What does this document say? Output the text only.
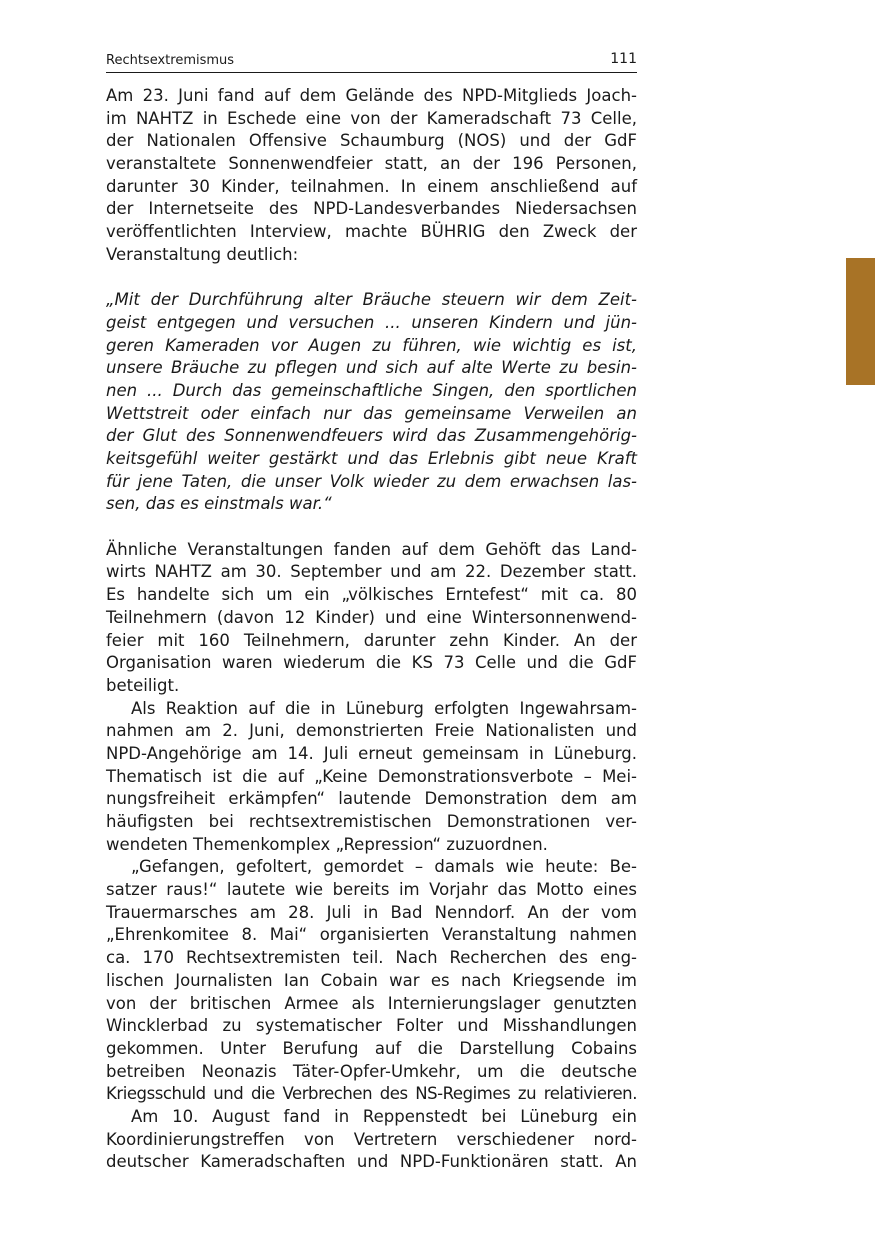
Rechtsextremismus	111
Am 23. Juni fand auf dem Gelände des NPD-Mitglieds Joach-
im NAHTZ in Eschede eine von der Kameradschaft 73 Celle,
der Nationalen Offensive Schaumburg (NOS) und der GdF
veranstaltete Sonnenwendfeier statt, an der 196 Personen,
darunter 30 Kinder, teilnahmen. In einem anschließend auf
der Internetseite des NPD-Landesverbandes Niedersachsen
veröffentlichten Interview, machte BÜHRIG den Zweck der
Veranstaltung deutlich:
„Mit der Durchführung alter Bräuche steuern wir dem Zeit-
geist entgegen und versuchen ... unseren Kindern und jün-
geren Kameraden vor Augen zu führen, wie wichtig es ist,
unsere Bräuche zu pflegen und sich auf alte Werte zu besin-
nen ... Durch das gemeinschaftliche Singen, den sportlichen
Wettstreit oder einfach nur das gemeinsame Verweilen an
der Glut des Sonnenwendfeuers wird das Zusammengehörig-
keitsgefühl weiter gestärkt und das Erlebnis gibt neue Kraft
für jene Taten, die unser Volk wieder zu dem erwachsen las-
sen, das es einstmals war.“
Ähnliche Veranstaltungen fanden auf dem Gehöft das Land-
wirts NAHTZ am 30. September und am 22. Dezember statt.
Es handelte sich um ein „völkisches Erntefest“ mit ca. 80
Teilnehmern (davon 12 Kinder) und eine Wintersonnenwend-
feier mit 160 Teilnehmern, darunter zehn Kinder. An der
Organisation waren wiederum die KS 73 Celle und die GdF
beteiligt.
Als Reaktion auf die in Lüneburg erfolgten Ingewahrsam-
nahmen am 2. Juni, demonstrierten Freie Nationalisten und
NPD-Angehörige am 14. Juli erneut gemeinsam in Lüneburg.
Thematisch ist die auf „Keine Demonstrationsverbote – Mei-
nungsfreiheit erkämpfen“ lautende Demonstration dem am
häufigsten bei rechtsextremistischen Demonstrationen ver-
wendeten Themenkomplex „Repression“ zuzuordnen.
„Gefangen, gefoltert, gemordet – damals wie heute: Be-
satzer raus!“ lautete wie bereits im Vorjahr das Motto eines
Trauermarsches am 28. Juli in Bad Nenndorf. An der vom
„Ehrenkomitee 8. Mai“ organisierten Veranstaltung nahmen
ca. 170 Rechtsextremisten teil. Nach Recherchen des eng-
lischen Journalisten Ian Cobain war es nach Kriegsende im
von der britischen Armee als Internierungslager genutzten
Wincklerbad zu systematischer Folter und Misshandlungen
gekommen. Unter Berufung auf die Darstellung Cobains
betreiben Neonazis Täter-Opfer-Umkehr, um die deutsche
Kriegsschuld und die Verbrechen des NS-Regimes zu relativieren.
Am 10. August fand in Reppenstedt bei Lüneburg ein
Koordinierungstreffen von Vertretern verschiedener nord-
deutscher Kameradschaften und NPD-Funktionären statt. An
